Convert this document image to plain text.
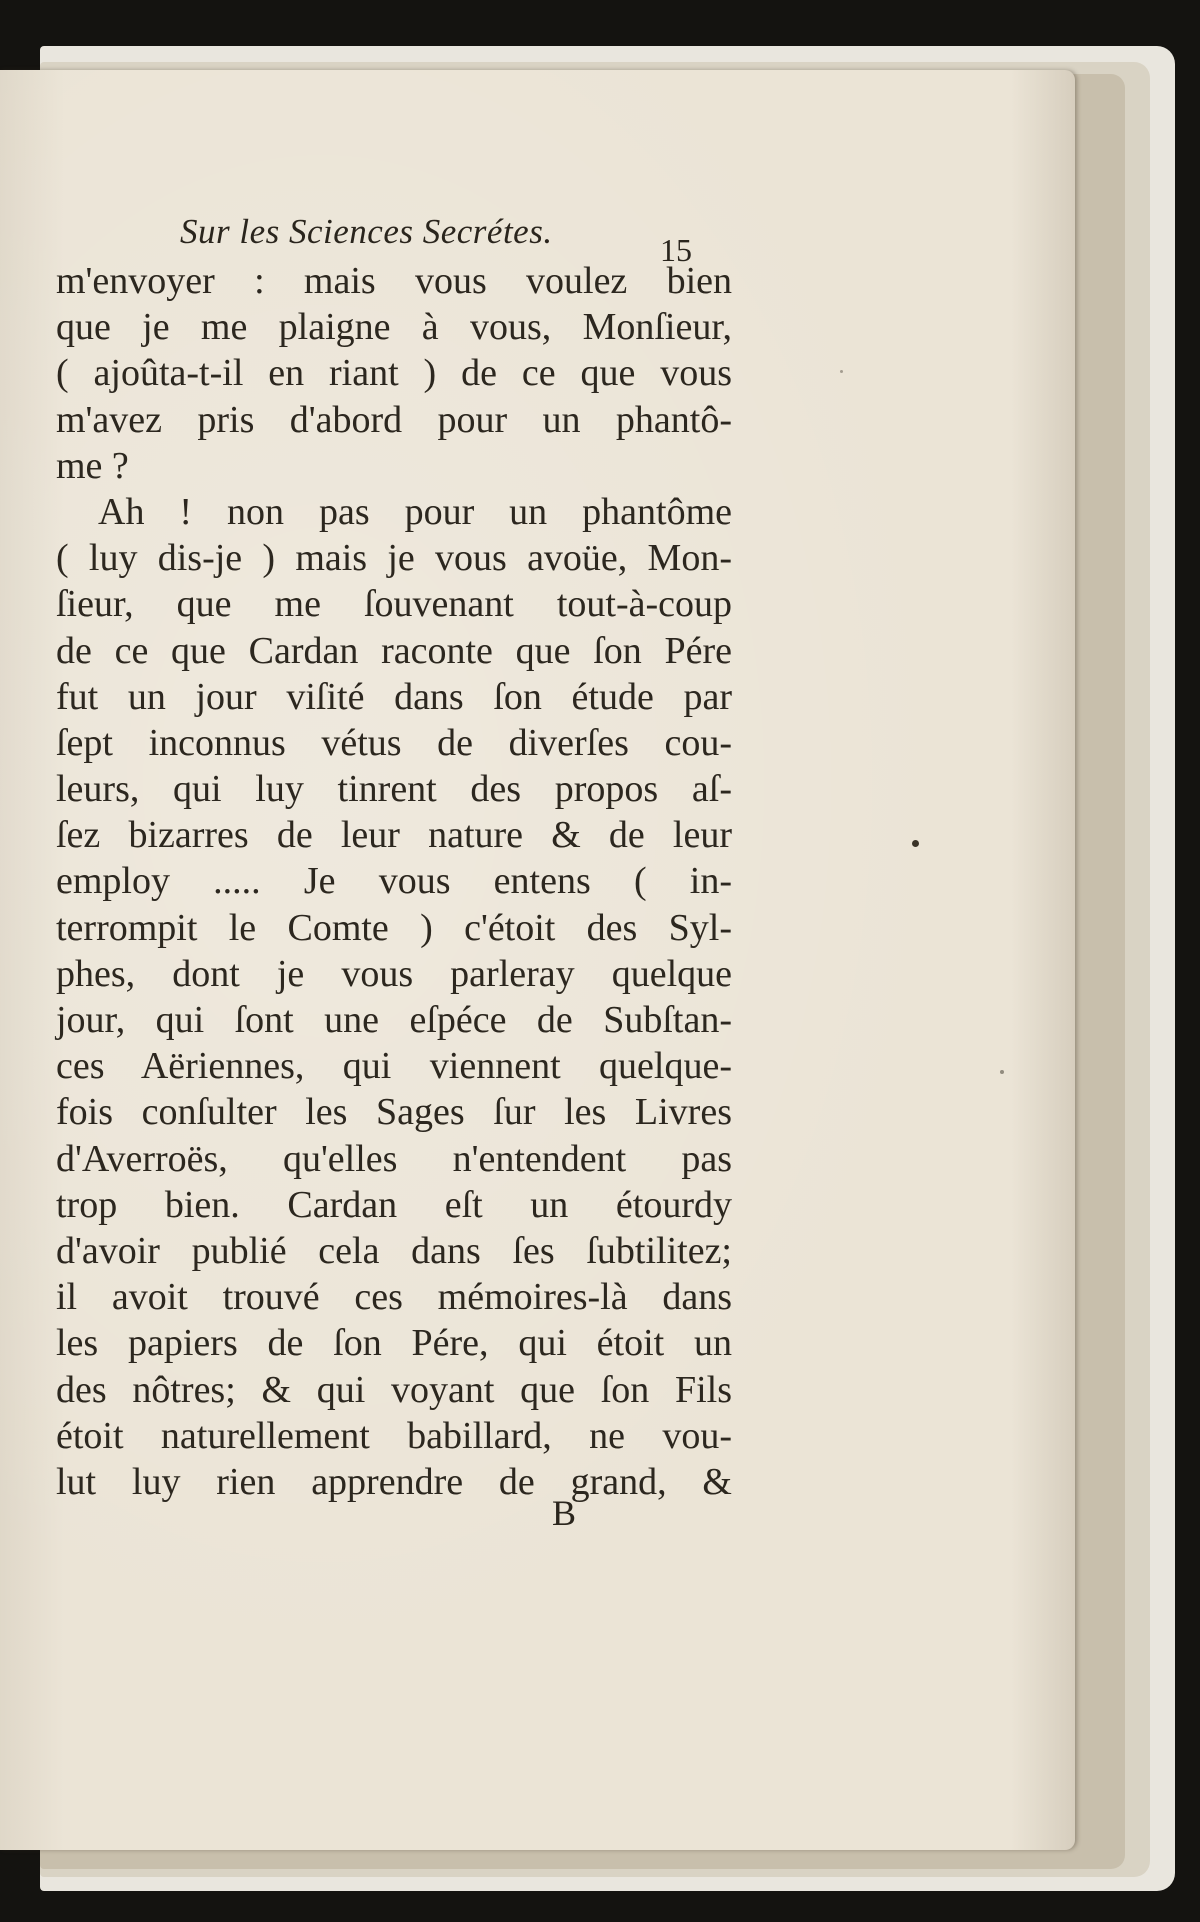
Sur les Sciences Secrétes.	15
m'envoyer : mais vous voulez bien
que je me plaigne à vous, Monſieur,
( ajoûta-t-il en riant ) de ce que vous
m'avez pris d'abord pour un phantô-
me ?
Ah ! non pas pour un phantôme
( luy dis-je ) mais je vous avoüe, Mon-
ſieur, que me ſouvenant tout-à-coup
de ce que Cardan raconte que ſon Pére
fut un jour viſité dans ſon étude par
ſept inconnus vétus de diverſes cou-
leurs, qui luy tinrent des propos aſ-
ſez bizarres de leur nature & de leur
employ ..... Je vous entens ( in-
terrompit le Comte ) c'étoit des Syl-
phes, dont je vous parleray quelque
jour, qui ſont une eſpéce de Subſtan-
ces Aëriennes, qui viennent quelque-
fois conſulter les Sages ſur les Livres
d'Averroës, qu'elles n'entendent pas
trop bien. Cardan eſt un étourdy
d'avoir publié cela dans ſes ſubtilitez;
il avoit trouvé ces mémoires-là dans
les papiers de ſon Pére, qui étoit un
des nôtres; & qui voyant que ſon Fils
étoit naturellement babillard, ne vou-
lut luy rien apprendre de grand, &
B
